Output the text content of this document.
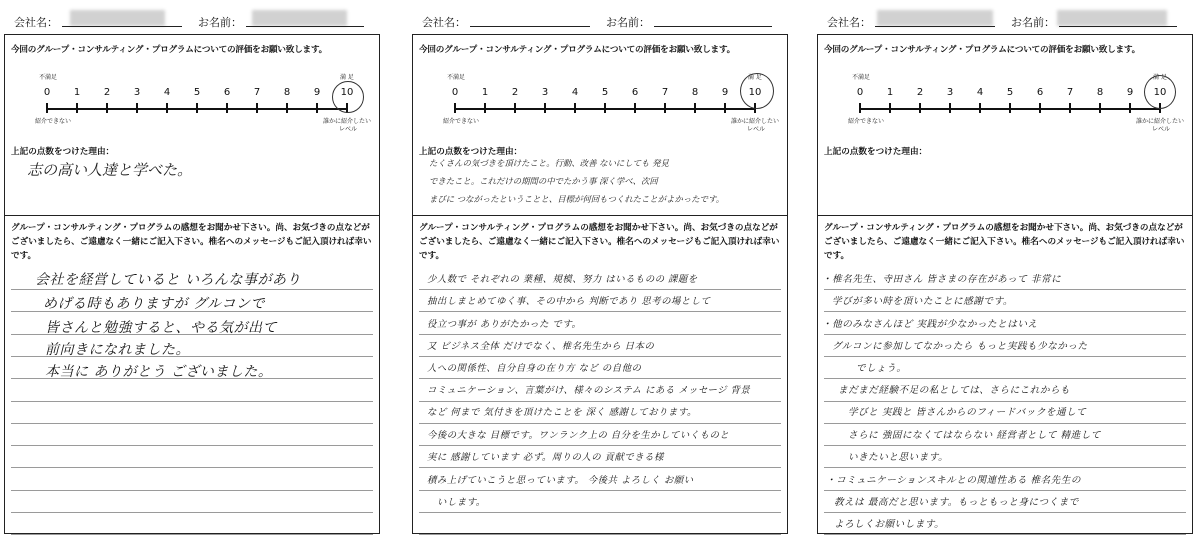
会社名：	お名前：
今回のグループ・コンサルティング・プログラムについての評価をお願い致します。
不満足	満 足
0	1	2	3	4	5	6	7	8	9	10
紹介できない	誰かに紹介したい
レベル
上記の点数をつけた理由：
志の高い人達と学べた。
グループ・コンサルティング・プログラムの感想をお聞かせ下さい。尚、お気づきの点などがございましたら、ご遠慮なく一緒にご記入下さい。椎名へのメッセージもご記入頂ければ幸いです。
会社を経営していると いろんな事があり
めげる時もありますが グルコンで
皆さんと勉強すると、やる気が出て
前向きになれました。
本当に ありがとう ございました。
会社名：	お名前：
今回のグループ・コンサルティング・プログラムについての評価をお願い致します。
不満足	満 足
0	1	2	3	4	5	6	7	8	9	10
紹介できない	誰かに紹介したい
レベル
上記の点数をつけた理由：
たくさんの気づきを頂けたこと。行動、改善 ないにしても 発見
できたこと。これだけの期間の中でたかう事 深く学べ、次回
まびに つながったということと、目標が何回もつくれたことがよかったです。
グループ・コンサルティング・プログラムの感想をお聞かせ下さい。尚、お気づきの点などがございましたら、ご遠慮なく一緒にご記入下さい。椎名へのメッセージもご記入頂ければ幸いです。
少人数で それぞれの 業種、規模、努力 はいるものの 課題を
抽出しまとめてゆく事、その中から 判断であり 思考の場として
役立つ事が ありがたかった です。
又 ビジネス全体 だけでなく、椎名先生から 日本の
人への関係性、自分自身の在り方 など の自他の
コミュニケーション、言葉がけ、様々のシステム にある メッセージ 背景
など 何まで 気付きを頂けたことを 深く 感謝しております。
今後の大きな 目標です。ワンランク上の 自分を生かしていくものと
実に 感謝しています 必ず。周りの人の 貢献できる様
積み上げていこうと思っています。 今後共 よろしく お願い
いします。
会社名：	お名前：
今回のグループ・コンサルティング・プログラムについての評価をお願い致します。
不満足	満 足
0	1	2	3	4	5	6	7	8	9	10
紹介できない	誰かに紹介したい
レベル
上記の点数をつけた理由：
グループ・コンサルティング・プログラムの感想をお聞かせ下さい。尚、お気づきの点などがございましたら、ご遠慮なく一緒にご記入下さい。椎名へのメッセージもご記入頂ければ幸いです。
・椎名先生、寺田さん 皆さまの存在があって 非常に
学びが多い時を頂いたことに感謝です。
・他のみなさんほど 実践が少なかったとはいえ
グルコンに参加してなかったら もっと実践も少なかった
でしょう。
まだまだ経験不足の私としては、さらにこれからも
学びと 実践と 皆さんからのフィードバックを通して
さらに 強固になくてはならない 経営者として 精進して
いきたいと思います。
・コミュニケーションスキルとの関連性ある 椎名先生の
教えは 最高だと思います。もっともっと身につくまで
よろしくお願いします。
